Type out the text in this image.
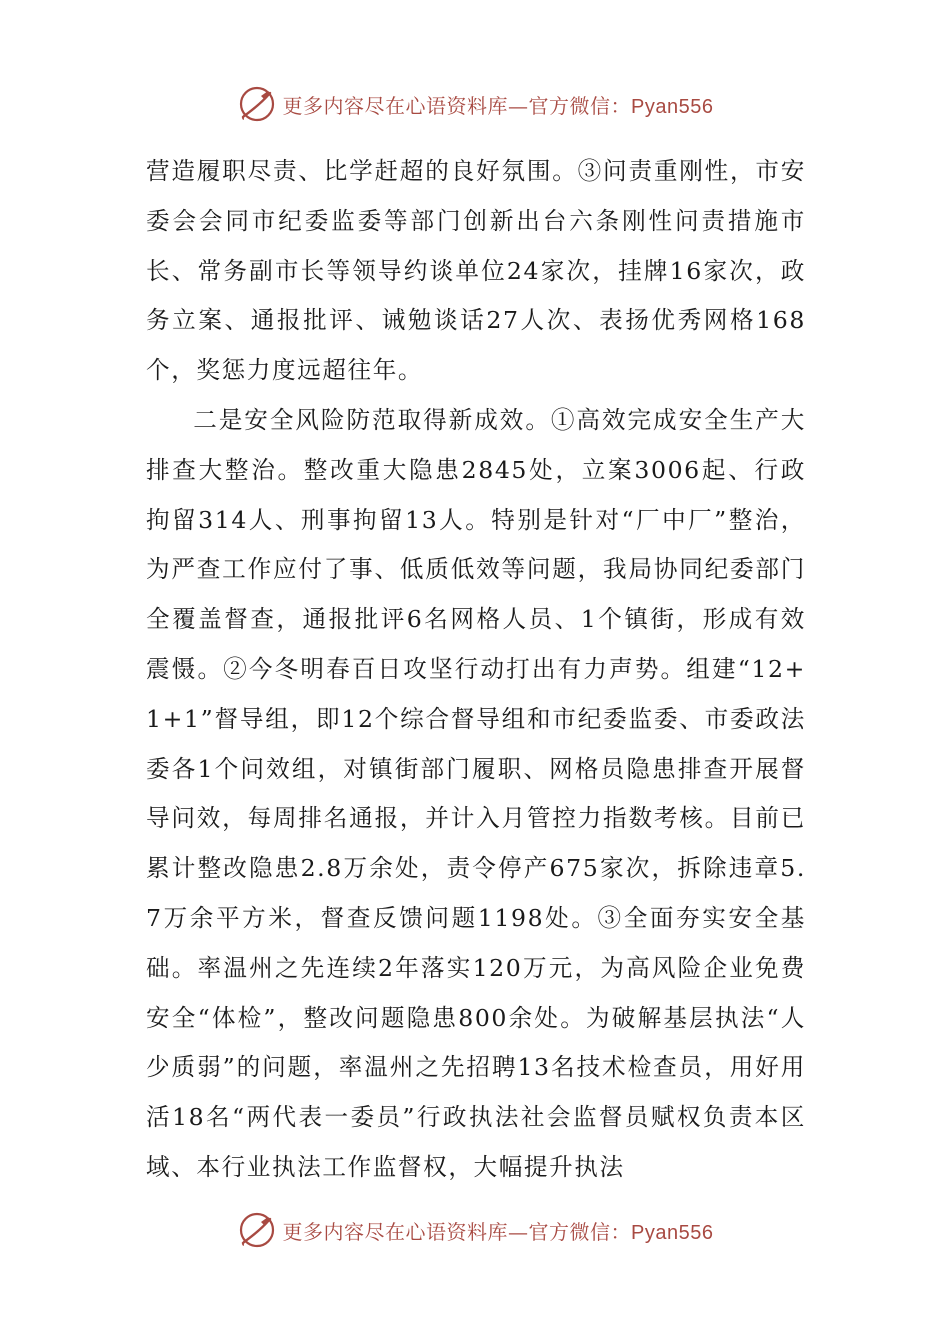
更多内容尽在心语资料库—官方微信：Pyan556

营造履职尽责、比学赶超的良好氛围。③问责重刚性，市安委会会同市纪委监委等部门创新出台六条刚性问责措施市长、常务副市长等领导约谈单位24家次，挂牌16家次，政务立案、通报批评、诫勉谈话27人次、表扬优秀网格168个，奖惩力度远超往年。

二是安全风险防范取得新成效。①高效完成安全生产大排查大整治。整改重大隐患2845处，立案3006起、行政拘留314人、刑事拘留13人。特别是针对“厂中厂”整治，为严查工作应付了事、低质低效等问题，我局协同纪委部门全覆盖督查，通报批评6名网格人员、1个镇街，形成有效震慑。②今冬明春百日攻坚行动打出有力声势。组建“12+1+1”督导组，即12个综合督导组和市纪委监委、市委政法委各1个问效组，对镇街部门履职、网格员隐患排查开展督导问效，每周排名通报，并计入月管控力指数考核。目前已累计整改隐患2.8万余处，责令停产675家次，拆除违章5.7万余平方米，督查反馈问题1198处。③全面夯实安全基础。率温州之先连续2年落实120万元，为高风险企业免费安全“体检”，整改问题隐患800余处。为破解基层执法“人少质弱”的问题，率温州之先招聘13名技术检查员，用好用活18名“两代表一委员”行政执法社会监督员赋权负责本区域、本行业执法工作监督权，大幅提升执法

更多内容尽在心语资料库—官方微信：Pyan556
